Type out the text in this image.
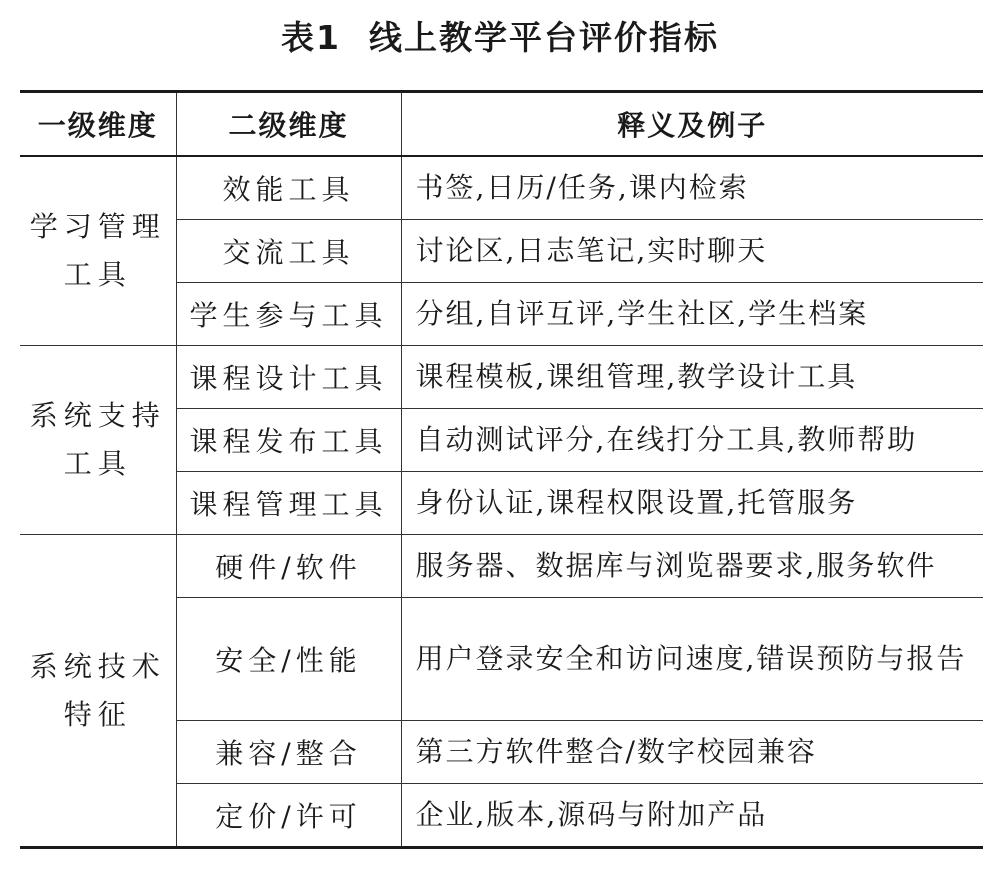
表1 线上教学平台评价指标
一级维度	二级维度	释义及例子
学习管理工具	效能工具	书签,日历/任务,课内检索
	交流工具	讨论区,日志笔记,实时聊天
	学生参与工具	分组,自评互评,学生社区,学生档案
系统支持工具	课程设计工具	课程模板,课组管理,教学设计工具
	课程发布工具	自动测试评分,在线打分工具,教师帮助
	课程管理工具	身份认证,课程权限设置,托管服务
系统技术特征	硬件/软件	服务器、数据库与浏览器要求,服务软件
	安全/性能	用户登录安全和访问速度,错误预防与报告
	兼容/整合	第三方软件整合/数字校园兼容
	定价/许可	企业,版本,源码与附加产品
